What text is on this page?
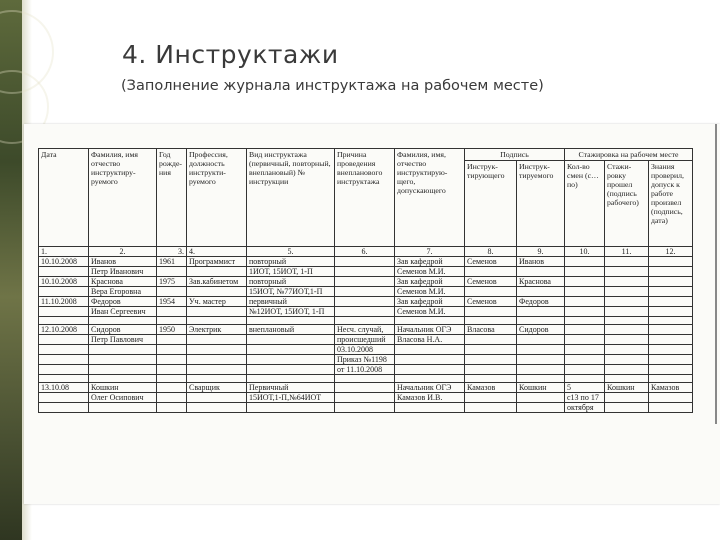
4. Инструктажи
(Заполнение журнала инструктажа на рабочем месте)
Дата	Фамилия, имя отчество инструктиру-руемого	Год рожде-ния	Профессия, должность инструкти-руемого	Вид инструктажа (первичный, повторный, внеплановый) № инструкции	Причина проведения внепланового инструктажа	Фамилия, имя, отчество инструктирую-щего, допускающего	Подпись		Стажировка на рабочем месте		
							Инструк-тирующего	Инструк-тируемого	Кол-во смен (с…по)	Стажи-ровку прошел (подпись рабочего)	Знания проверил, допуск к работе произвел (подпись, дата)
1.	2.	3.	4.	5.	6.	7.	8.	9.	10.	11.	12.
10.10.2008	Иванов	1961	Программист	повторный		Зав кафедрой	Семенов	Иванов			
	Петр Иванович			1ИОТ, 15ИОТ, 1-П		Семенов М.И.					
10.10.2008	Краснова	1975	Зав.кабинетом	повторный		Зав кафедрой	Семенов	Краснова			
	Вера Егоровна			15ИОТ, №77ИОТ,1-П		Семенов М.И.					
11.10.2008	Федоров	1954	Уч. мастер	первичный		Зав кафедрой	Семенов	Федоров			
	Иван Сергеевич			№12ИОТ, 15ИОТ, 1-П		Семенов М.И.					

12.10.2008	Сидоров	1950	Электрик	внеплановый	Несч. случай,	Начальник ОГЭ	Власова	Сидоров			
	Петр Павлович				происшедший	Власова Н.А.					
					03.10.2008						
					Приказ №1198						
					от 11.10.2008						

13.10.08	Кошкин		Сварщик	Первичный		Начальник ОГЭ	Камазов	Кошкин	5	Кошкин	Камазов
	Олег Осипович			15ИОТ,1-П,№64ИОТ		Камазов И.В.			с13 по 17		
									октября		
